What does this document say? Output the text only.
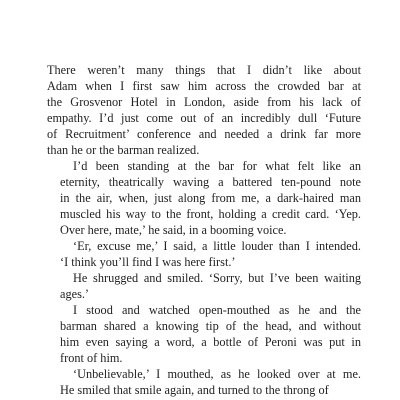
There weren’t many things that I didn’t like about
Adam when I first saw him across the crowded bar at
the Grosvenor Hotel in London, aside from his lack of
empathy. I’d just come out of an incredibly dull ‘Future
of Recruitment’ conference and needed a drink far more
than he or the barman realized.
I’d been standing at the bar for what felt like an
eternity, theatrically waving a battered ten-pound note
in the air, when, just along from me, a dark-haired man
muscled his way to the front, holding a credit card. ‘Yep.
Over here, mate,’ he said, in a booming voice.
‘Er, excuse me,’ I said, a little louder than I intended.
‘I think you’ll find I was here first.’
He shrugged and smiled. ‘Sorry, but I’ve been waiting
ages.’
I stood and watched open-mouthed as he and the
barman shared a knowing tip of the head, and without
him even saying a word, a bottle of Peroni was put in
front of him.
‘Unbelievable,’ I mouthed, as he looked over at me.
He smiled that smile again, and turned to the throng of
